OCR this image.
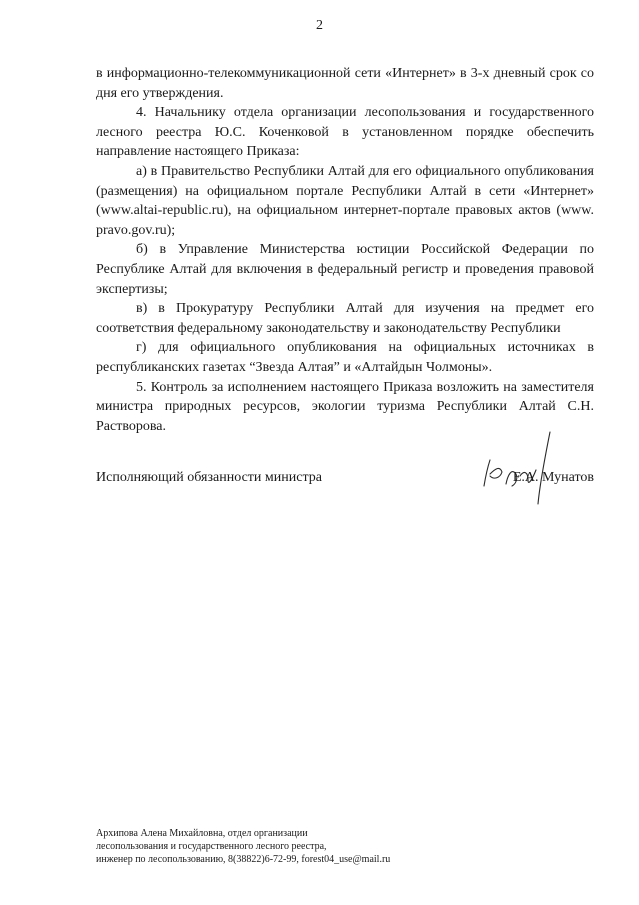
2

в информационно-телекоммуникационной сети «Интернет» в 3-х дневный срок со дня его утверждения.

4. Начальнику отдела организации лесопользования и государственного лесного реестра Ю.С. Коченковой в установленном порядке обеспечить направление настоящего Приказа:

а) в Правительство Республики Алтай для его официального опубликования (размещения) на официальном портале Республики Алтай в сети «Интернет» (www.altai-republic.ru), на официальном интернет-портале правовых актов (www. pravo.gov.ru);

б) в Управление Министерства юстиции Российской Федерации по Республике Алтай для включения в федеральный регистр и проведения правовой экспертизы;

в) в Прокуратуру Республики Алтай для изучения на предмет его соответствия федеральному законодательству и законодательству Республики

г) для официального опубликования на официальных источниках в республиканских газетах “Звезда Алтая” и «Алтайдын Чолмоны».

5. Контроль за исполнением настоящего Приказа возложить на заместителя министра природных ресурсов, экологии туризма Республики Алтай С.Н. Растворова.

Исполняющий обязанности министра	Е.А. Мунатов
Архипова Алена Михайловна, отдел организации
лесопользования и государственного лесного реестра,
инженер по лесопользованию, 8(38822)6-72-99, forest04_use@mail.ru
